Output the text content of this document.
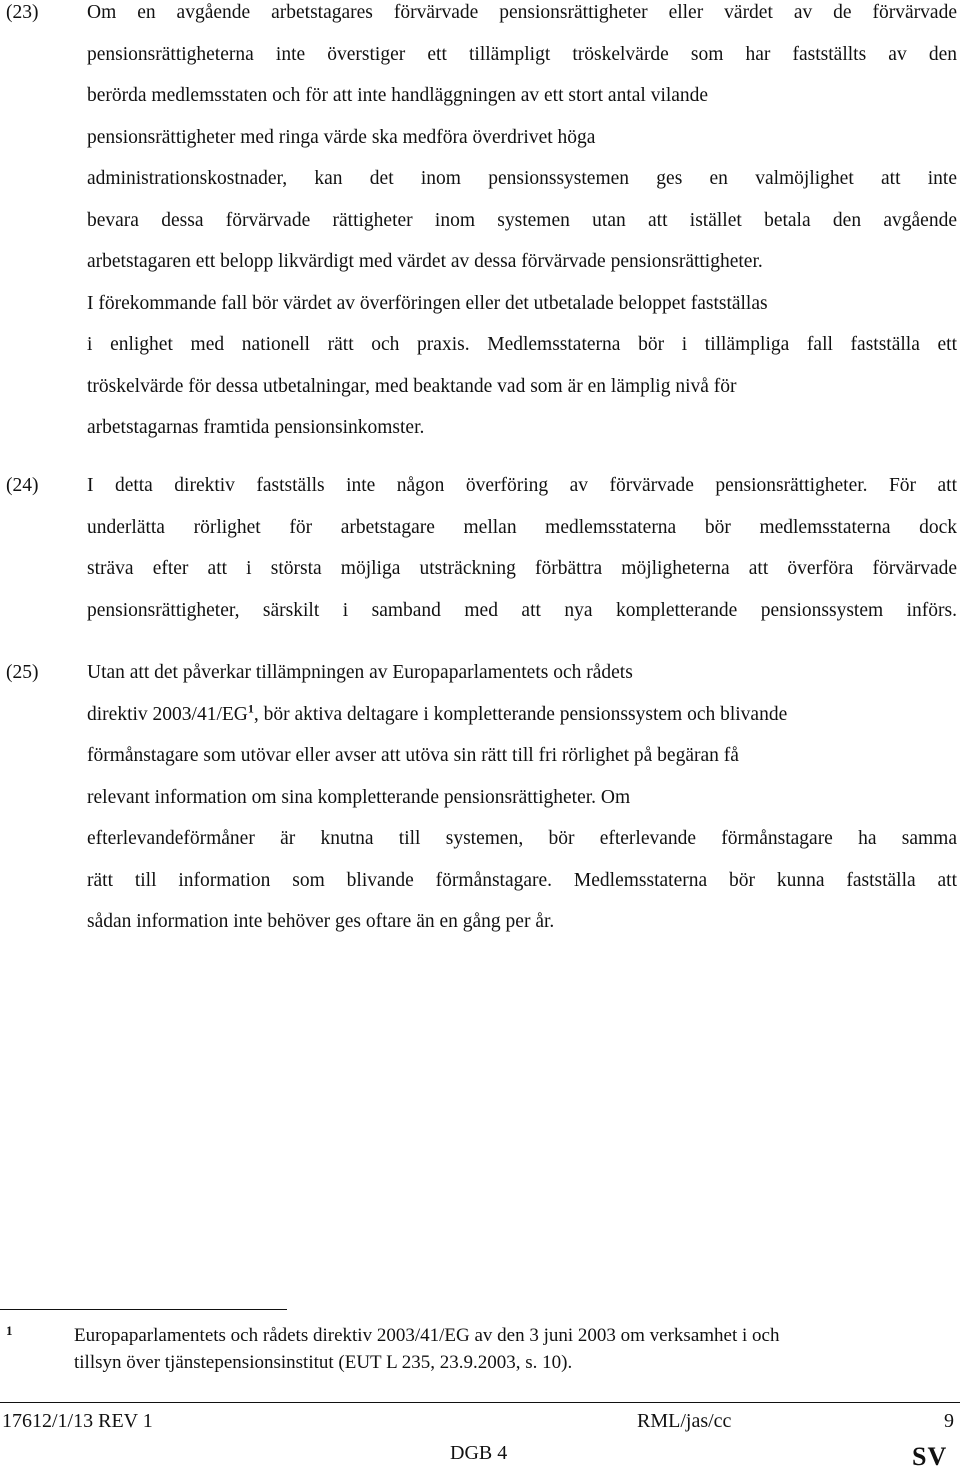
(23) Om en avgående arbetstagares förvärvade pensionsrättigheter eller värdet av de förvärvade
pensionsrättigheterna inte överstiger ett tillämpligt tröskelvärde som har fastställts av den
berörda medlemsstaten och för att inte handläggningen av ett stort antal vilande
pensionsrättigheter med ringa värde ska medföra överdrivet höga
administrationskostnader, kan det inom pensionssystemen ges en valmöjlighet att inte
bevara dessa förvärvade rättigheter inom systemen utan att istället betala den avgående
arbetstagaren ett belopp likvärdigt med värdet av dessa förvärvade pensionsrättigheter.
I förekommande fall bör värdet av överföringen eller det utbetalade beloppet fastställas
i enlighet med nationell rätt och praxis. Medlemsstaterna bör i tillämpliga fall fastställa ett
tröskelvärde för dessa utbetalningar, med beaktande vad som är en lämplig nivå för
arbetstagarnas framtida pensionsinkomster.
(24) I detta direktiv fastställs inte någon överföring av förvärvade pensionsrättigheter. För att
underlätta rörlighet för arbetstagare mellan medlemsstaterna bör medlemsstaterna dock
sträva efter att i största möjliga utsträckning förbättra möjligheterna att överföra förvärvade
pensionsrättigheter, särskilt i samband med att nya kompletterande pensionssystem införs.
(25) Utan att det påverkar tillämpningen av Europaparlamentets och rådets
direktiv $2003/41/EG^1$, bör aktiva deltagare i kompletterande pensionssystem och blivande
förmånstagare som utövar eller avser att utöva sin rätt till fri rörlighet på begäran få
relevant information om sina kompletterande pensionsrättigheter. Om
efterlevandeförmåner är knutna till systemen, bör efterlevande förmånstagare ha samma
rätt till information som blivande förmånstagare. Medlemsstaterna bör kunna fastställa att
sådan information inte behöver ges oftare än en gång per år.
1	Europaparlamentets och rådets direktiv 2003/41/EG av den 3 juni 2003 om verksamhet i och
tillsyn över tjänstepensionsinstitut (EUT L 235, 23.9.2003, s. 10).
17612/1/13 REV 1	RML/jas/cc	9
DGB 4	SV
